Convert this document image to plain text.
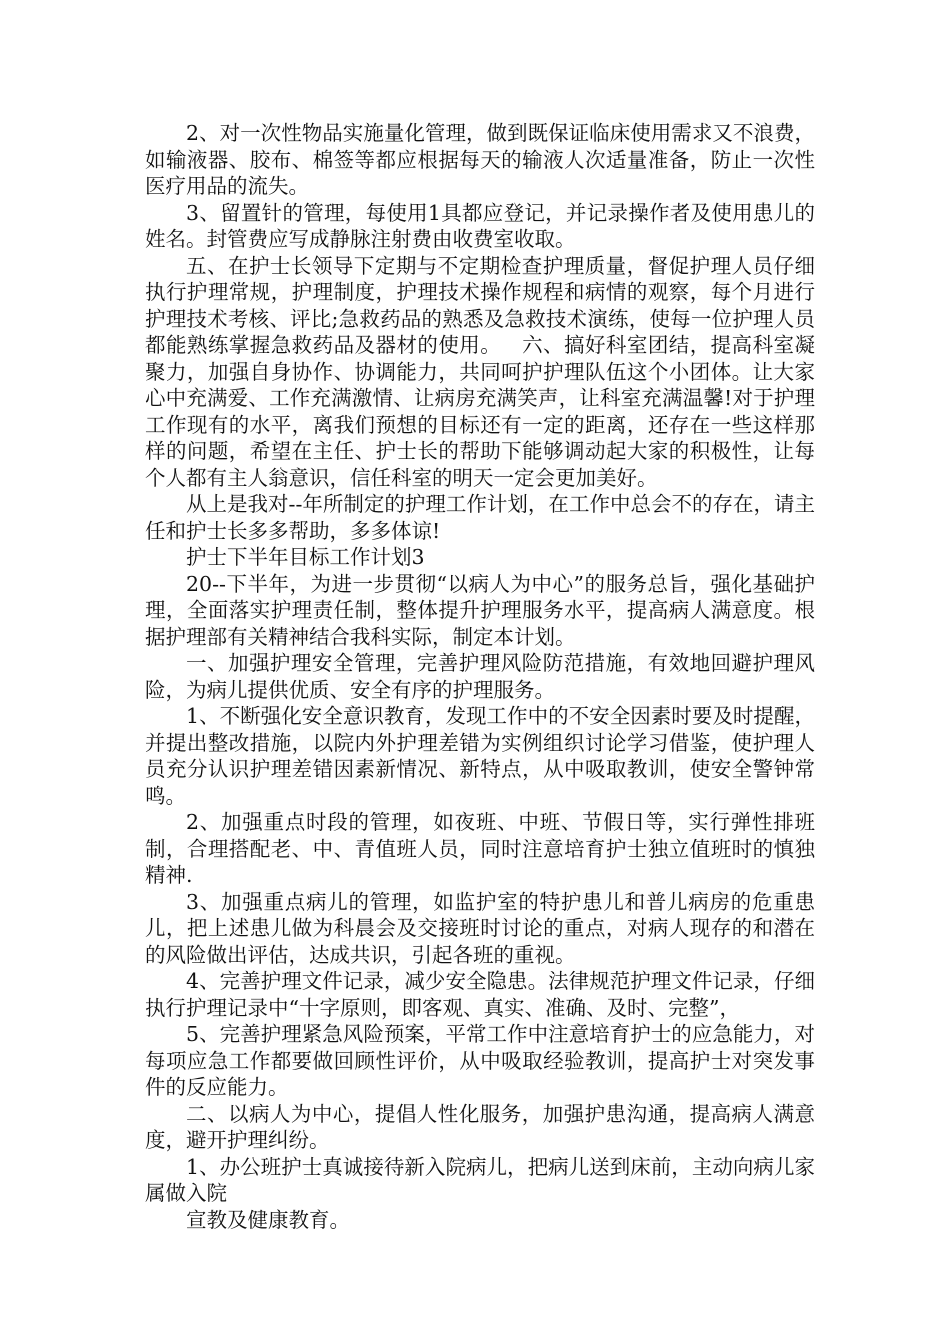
2、对一次性物品实施量化管理，做到既保证临床使用需求又不浪费，如输液器、胶布、棉签等都应根据每天的输液人次适量准备，防止一次性医疗用品的流失。

3、留置针的管理，每使用1具都应登记，并记录操作者及使用患儿的姓名。封管费应写成静脉注射费由收费室收取。

五、在护士长领导下定期与不定期检查护理质量，督促护理人员仔细执行护理常规，护理制度，护理技术操作规程和病情的观察，每个月进行护理技术考核、评比;急救药品的熟悉及急救技术演练，使每一位护理人员都能熟练掌握急救药品及器材的使用。   六、搞好科室团结，提高科室凝聚力，加强自身协作、协调能力，共同呵护护理队伍这个小团体。让大家心中充满爱、工作充满激情、让病房充满笑声，让科室充满温馨!对于护理工作现有的水平，离我们预想的目标还有一定的距离，还存在一些这样那样的问题，希望在主任、护士长的帮助下能够调动起大家的积极性，让每个人都有主人翁意识，信任科室的明天一定会更加美好。

从上是我对--年所制定的护理工作计划，在工作中总会不的存在，请主任和护士长多多帮助，多多体谅!

护士下半年目标工作计划3

20--下半年，为进一步贯彻“以病人为中心”的服务总旨，强化基础护理，全面落实护理责任制，整体提升护理服务水平，提高病人满意度。根据护理部有关精神结合我科实际，制定本计划。

一、加强护理安全管理，完善护理风险防范措施，有效地回避护理风险，为病儿提供优质、安全有序的护理服务。

1、不断强化安全意识教育，发现工作中的不安全因素时要及时提醒，并提出整改措施，以院内外护理差错为实例组织讨论学习借鉴，使护理人员充分认识护理差错因素新情况、新特点，从中吸取教训，使安全警钟常鸣。

2、加强重点时段的管理，如夜班、中班、节假日等，实行弹性排班制，合理搭配老、中、青值班人员，同时注意培育护士独立值班时的慎独精神.

3、加强重点病儿的管理，如监护室的特护患儿和普儿病房的危重患儿，把上述患儿做为科晨会及交接班时讨论的重点，对病人现存的和潜在的风险做出评估，达成共识，引起各班的重视。

4、完善护理文件记录，减少安全隐患。法律规范护理文件记录，仔细执行护理记录中“十字原则，即客观、真实、准确、及时、完整”，

5、完善护理紧急风险预案，平常工作中注意培育护士的应急能力，对每项应急工作都要做回顾性评价，从中吸取经验教训，提高护士对突发事件的反应能力。

二、以病人为中心，提倡人性化服务，加强护患沟通，提高病人满意度，避开护理纠纷。

1、办公班护士真诚接待新入院病儿，把病儿送到床前，主动向病儿家属做入院

宣教及健康教育。
